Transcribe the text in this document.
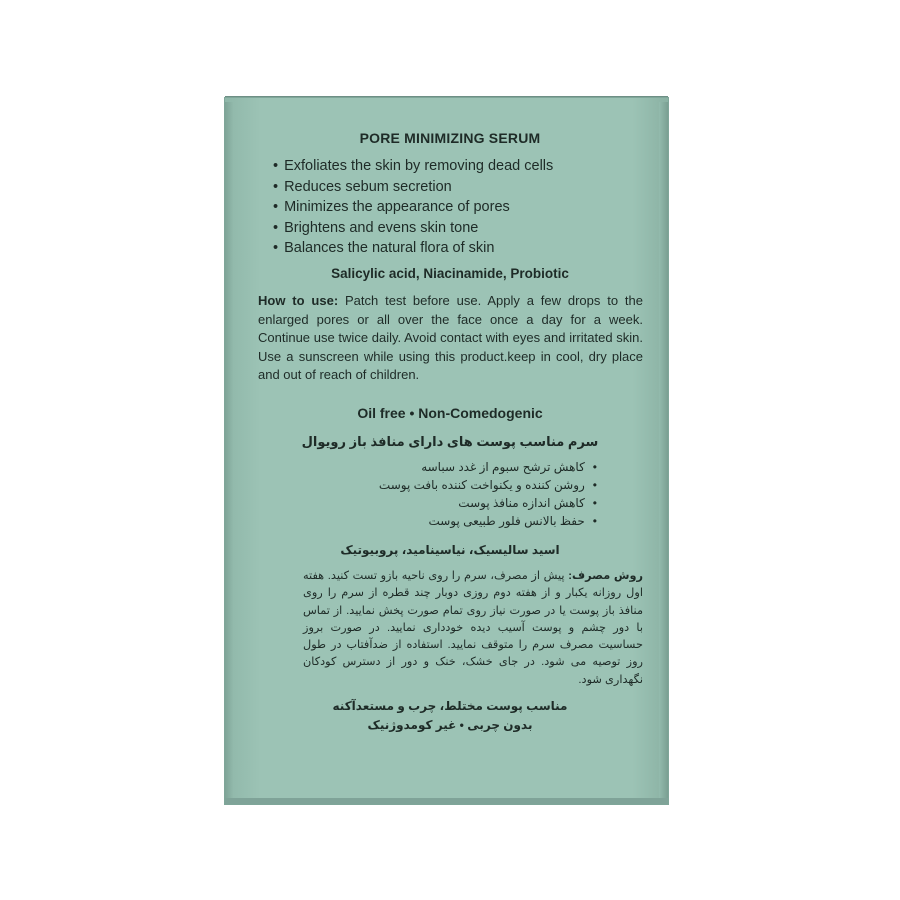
PORE MINIMIZING SERUM
• Exfoliates the skin by removing dead cells
• Reduces sebum secretion
• Minimizes the appearance of pores
• Brightens and evens skin tone
• Balances the natural flora of skin
Salicylic acid, Niacinamide, Probiotic
How to use: Patch test before use. Apply a few drops to the enlarged pores or all over the face once a day for a week. Continue use twice daily. Avoid contact with eyes and irritated skin. Use a sunscreen while using this product.keep in cool, dry place and out of reach of children.
Oil free • Non-Comedogenic
سرم مناسب پوست های دارای منافذ باز رویوال
• کاهش ترشح سبوم از غدد سباسه
• روشن کننده و یکنواخت کننده بافت پوست
• کاهش اندازه منافذ پوست
• حفظ بالانس فلور طبیعی پوست
اسید سالیسیک، نیاسینامید، پروبیوتیک
روش مصرف: پیش از مصرف، سرم را روی ناحیه بازو تست کنید. هفته اول روزانه یکبار و از هفته دوم روزی دوبار چند قطره از سرم را روی منافذ باز پوست یا در صورت نیاز روی تمام صورت پخش نمایید. از تماس با دور چشم و پوست آسیب دیده خودداری نمایید. در صورت بروز حساسیت مصرف سرم را متوقف نمایید. استفاده از ضدآفتاب در طول روز توصیه می شود. در جای خشک، خنک و دور از دسترس کودکان نگهداری شود.
مناسب پوست مختلط، چرب و مستعدآکنه
بدون چربی • غیر کومدوژنیک
